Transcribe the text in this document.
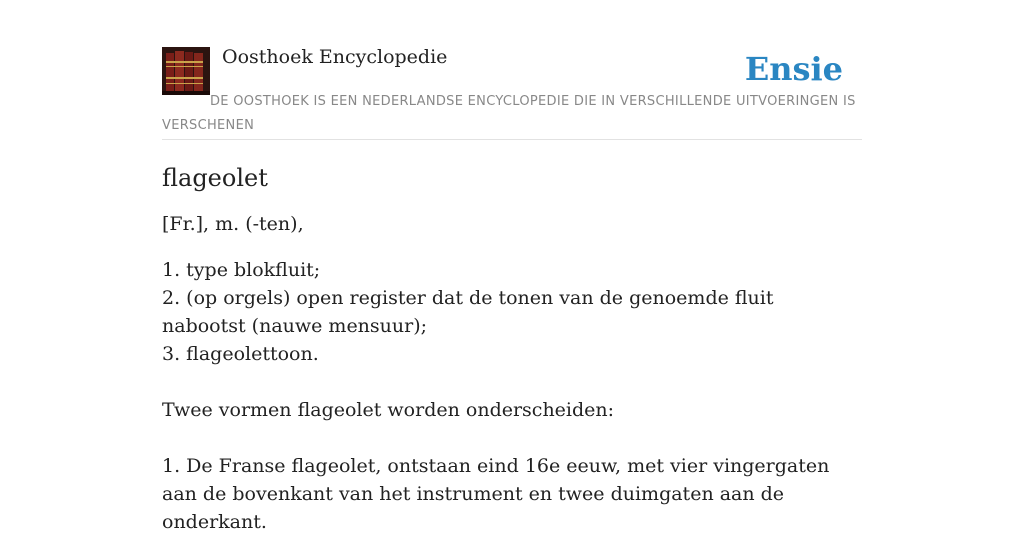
Oosthoek Encyclopedie	Ensie

DE OOSTHOEK IS EEN NEDERLANDSE ENCYCLOPEDIE DIE IN VERSCHILLENDE UITVOERINGEN IS VERSCHENEN

flageolet

[Fr.], m. (-ten),

1. type blokfluit;
2. (op orgels) open register dat de tonen van de genoemde fluit nabootst (nauwe mensuur);
3. flageolettoon.

Twee vormen flageolet worden onderscheiden:

1. De Franse flageolet, ontstaan eind 16e eeuw, met vier vingergaten aan de bovenkant van het instrument en twee duimgaten aan de onderkant.
